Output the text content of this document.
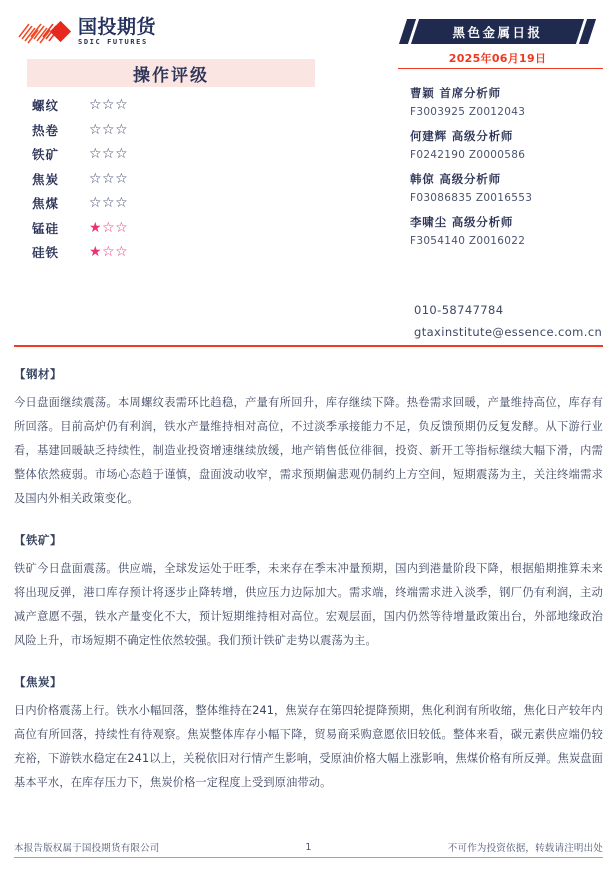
国投期货
SDIC FUTURES
操作评级
螺纹	☆☆☆
热卷	☆☆☆
铁矿	☆☆☆
焦炭	☆☆☆
焦煤	☆☆☆
锰硅	★☆☆
硅铁	★☆☆
黑色金属日报
2025年06月19日
曹颖 首席分析师
F3003925 Z0012043
何建辉 高级分析师
F0242190 Z0000586
韩倞 高级分析师
F03086835 Z0016553
李啸尘 高级分析师
F3054140 Z0016022
010-58747784
gtaxinstitute@essence.com.cn
【钢材】
今日盘面继续震荡。本周螺纹表需环比趋稳，产量有所回升，库存继续下降。热卷需求回暖，产量维持高位，库存有所回落。目前高炉仍有利润，铁水产量维持相对高位，不过淡季承接能力不足，负反馈预期仍反复发酵。从下游行业看，基建回暖缺乏持续性，制造业投资增速继续放缓，地产销售低位徘徊，投资、新开工等指标继续大幅下滑，内需整体依然疲弱。市场心态趋于谨慎，盘面波动收窄，需求预期偏悲观仍制约上方空间，短期震荡为主，关注终端需求及国内外相关政策变化。
【铁矿】
铁矿今日盘面震荡。供应端，全球发运处于旺季，未来存在季末冲量预期，国内到港量阶段下降，根据船期推算未来将出现反弹，港口库存预计将逐步止降转增，供应压力边际加大。需求端，终端需求进入淡季，钢厂仍有利润，主动减产意愿不强，铁水产量变化不大，预计短期维持相对高位。宏观层面，国内仍然等待增量政策出台，外部地缘政治风险上升，市场短期不确定性依然较强。我们预计铁矿走势以震荡为主。
【焦炭】
日内价格震荡上行。铁水小幅回落，整体维持在241，焦炭存在第四轮提降预期，焦化利润有所收缩，焦化日产较年内高位有所回落，持续性有待观察。焦炭整体库存小幅下降，贸易商采购意愿依旧较低。整体来看，碳元素供应端仍较充裕，下游铁水稳定在241以上，关税依旧对行情产生影响，受原油价格大幅上涨影响，焦煤价格有所反弹。焦炭盘面基本平水，在库存压力下，焦炭价格一定程度上受到原油带动。
本报告版权属于国投期货有限公司	1	不可作为投资依据，转载请注明出处
